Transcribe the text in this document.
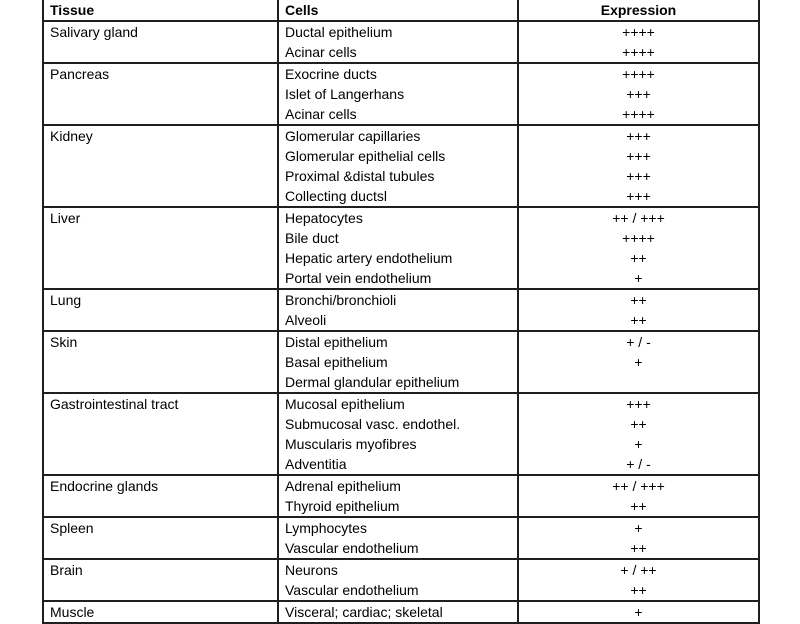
Tissue	Cells	Expression
Salivary gland	Ductal epithelium	++++
	Acinar cells	++++
Pancreas	Exocrine ducts	++++
	Islet of Langerhans	+++
	Acinar cells	++++
Kidney	Glomerular capillaries	+++
	Glomerular epithelial cells	+++
	Proximal &distal tubules	+++
	Collecting ductsl	+++
Liver	Hepatocytes	++ / +++
	Bile duct	++++
	Hepatic artery endothelium	++
	Portal vein endothelium	+
Lung	Bronchi/bronchioli	++
	Alveoli	++
Skin	Distal epithelium	+ / -
	Basal epithelium	+
	Dermal glandular epithelium	
Gastrointestinal tract	Mucosal epithelium	+++
	Submucosal vasc. endothel.	++
	Muscularis myofibres	+
	Adventitia	+ / -
Endocrine glands	Adrenal epithelium	++ / +++
	Thyroid epithelium	++
Spleen	Lymphocytes	+
	Vascular endothelium	++
Brain	Neurons	+ / ++
	Vascular endothelium	++
Muscle	Visceral; cardiac; skeletal	+
